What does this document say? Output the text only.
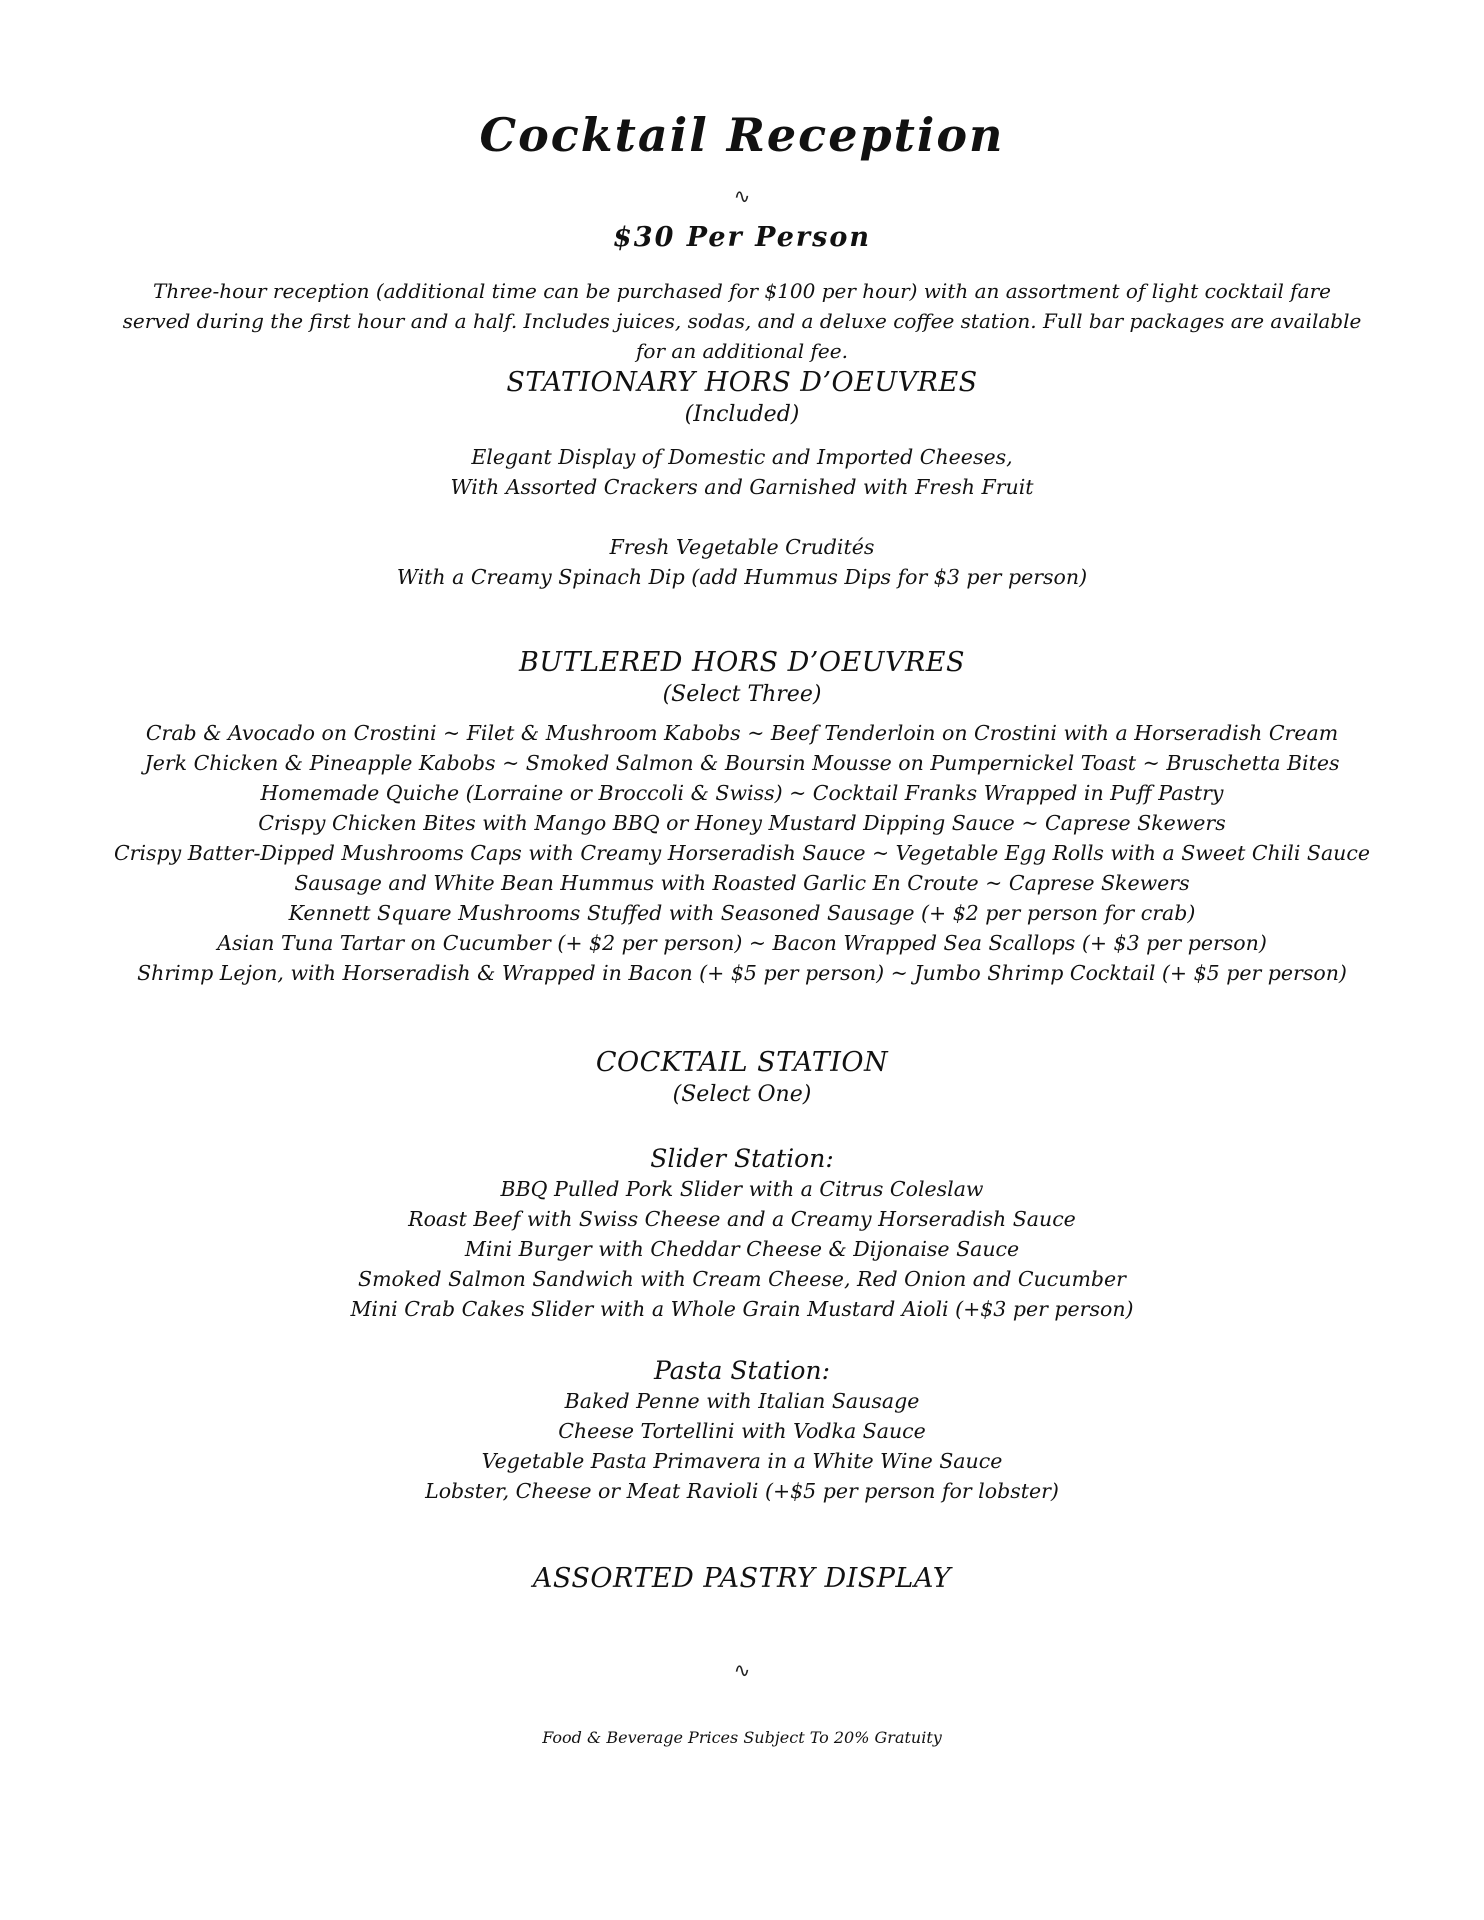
Cocktail Reception
∿
$30 Per Person
Three-hour reception (additional time can be purchased for $100 per hour) with an assortment of light cocktail fare served during the first hour and a half. Includes juices, sodas, and a deluxe coffee station. Full bar packages are available for an additional fee.
STATIONARY HORS D’OEUVRES
(Included)
Elegant Display of Domestic and Imported Cheeses,
With Assorted Crackers and Garnished with Fresh Fruit
Fresh Vegetable Crudités
With a Creamy Spinach Dip (add Hummus Dips for $3 per person)
BUTLERED HORS D’OEUVRES
(Select Three)
Crab & Avocado on Crostini ~ Filet & Mushroom Kabobs ~ Beef Tenderloin on Crostini with a Horseradish Cream
Jerk Chicken & Pineapple Kabobs ~ Smoked Salmon & Boursin Mousse on Pumpernickel Toast ~ Bruschetta Bites
Homemade Quiche (Lorraine or Broccoli & Swiss) ~ Cocktail Franks Wrapped in Puff Pastry
Crispy Chicken Bites with Mango BBQ or Honey Mustard Dipping Sauce ~ Caprese Skewers
Crispy Batter-Dipped Mushrooms Caps with Creamy Horseradish Sauce ~ Vegetable Egg Rolls with a Sweet Chili Sauce
Sausage and White Bean Hummus with Roasted Garlic En Croute ~ Caprese Skewers
Kennett Square Mushrooms Stuffed with Seasoned Sausage (+ $2 per person for crab)
Asian Tuna Tartar on Cucumber (+ $2 per person) ~ Bacon Wrapped Sea Scallops (+ $3 per person)
Shrimp Lejon, with Horseradish & Wrapped in Bacon (+ $5 per person) ~ Jumbo Shrimp Cocktail (+ $5 per person)
COCKTAIL STATION
(Select One)
Slider Station:
BBQ Pulled Pork Slider with a Citrus Coleslaw
Roast Beef with Swiss Cheese and a Creamy Horseradish Sauce
Mini Burger with Cheddar Cheese & Dijonaise Sauce
Smoked Salmon Sandwich with Cream Cheese, Red Onion and Cucumber
Mini Crab Cakes Slider with a Whole Grain Mustard Aioli (+$3 per person)
Pasta Station:
Baked Penne with Italian Sausage
Cheese Tortellini with Vodka Sauce
Vegetable Pasta Primavera in a White Wine Sauce
Lobster, Cheese or Meat Ravioli (+$5 per person for lobster)
ASSORTED PASTRY DISPLAY
∿
Food & Beverage Prices Subject To 20% Gratuity
